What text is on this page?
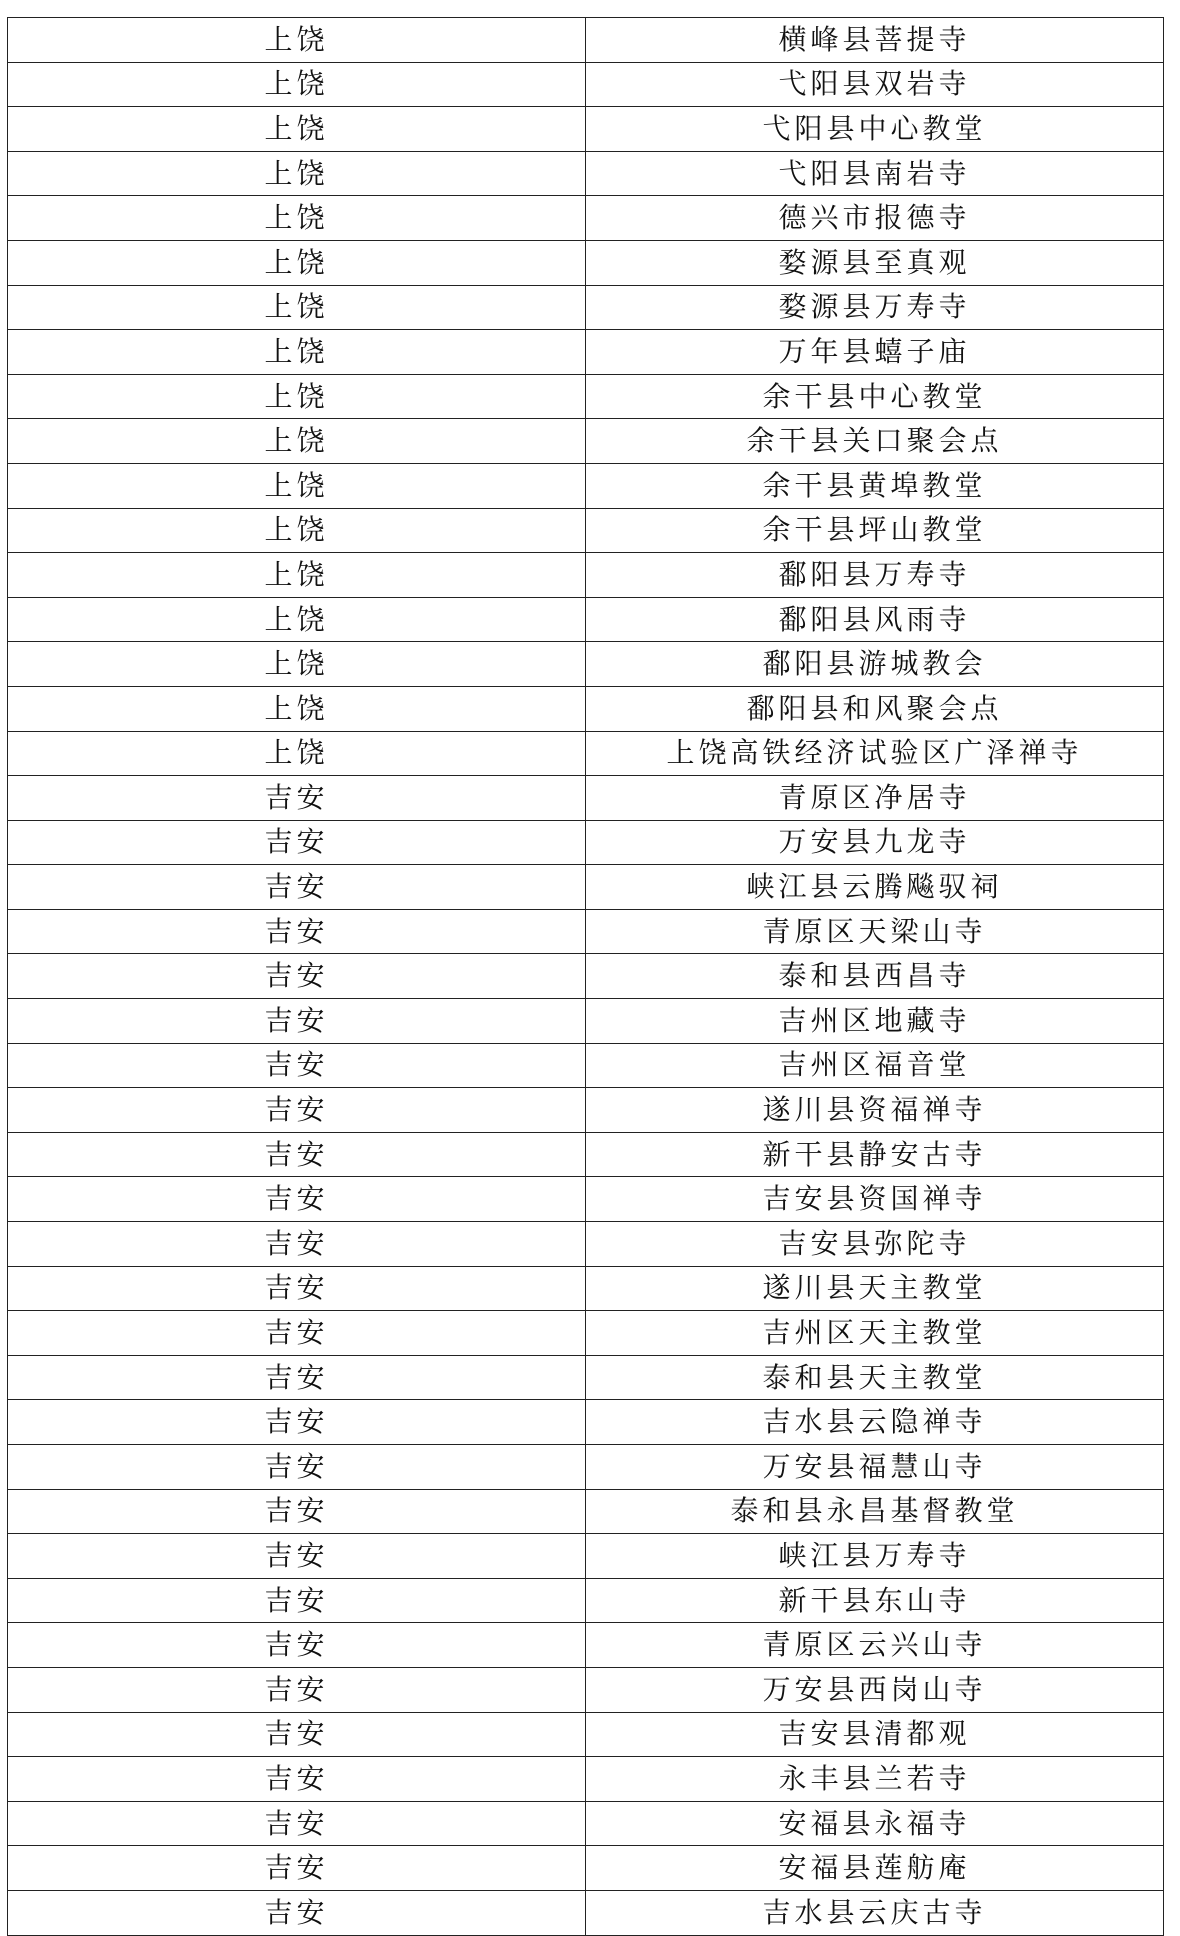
上饶	横峰县菩提寺
上饶	弋阳县双岩寺
上饶	弋阳县中心教堂
上饶	弋阳县南岩寺
上饶	德兴市报德寺
上饶	婺源县至真观
上饶	婺源县万寿寺
上饶	万年县蟢子庙
上饶	余干县中心教堂
上饶	余干县关口聚会点
上饶	余干县黄埠教堂
上饶	余干县坪山教堂
上饶	鄱阳县万寿寺
上饶	鄱阳县风雨寺
上饶	鄱阳县游城教会
上饶	鄱阳县和风聚会点
上饶	上饶高铁经济试验区广泽禅寺
吉安	青原区净居寺
吉安	万安县九龙寺
吉安	峡江县云腾飚驭祠
吉安	青原区天梁山寺
吉安	泰和县西昌寺
吉安	吉州区地藏寺
吉安	吉州区福音堂
吉安	遂川县资福禅寺
吉安	新干县静安古寺
吉安	吉安县资国禅寺
吉安	吉安县弥陀寺
吉安	遂川县天主教堂
吉安	吉州区天主教堂
吉安	泰和县天主教堂
吉安	吉水县云隐禅寺
吉安	万安县福慧山寺
吉安	泰和县永昌基督教堂
吉安	峡江县万寿寺
吉安	新干县东山寺
吉安	青原区云兴山寺
吉安	万安县西岗山寺
吉安	吉安县清都观
吉安	永丰县兰若寺
吉安	安福县永福寺
吉安	安福县莲舫庵
吉安	吉水县云庆古寺
